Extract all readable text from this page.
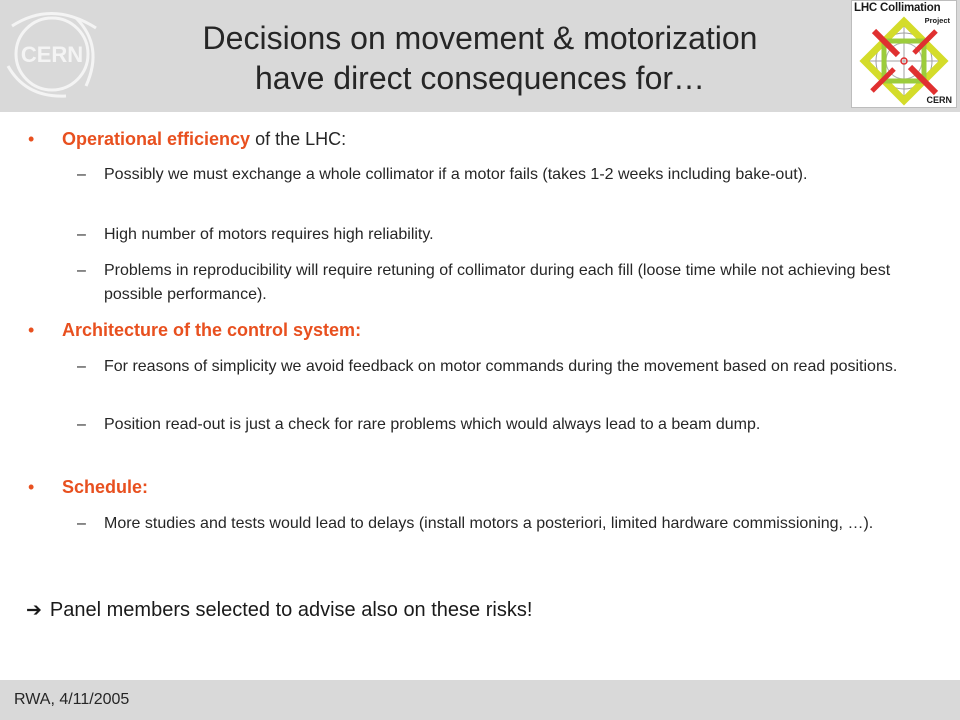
CERN	Decisions on movement & motorization
have direct consequences for…
LHC Collimation
Project
CERN
• Operational efficiency of the LHC:
– Possibly we must exchange a whole collimator if a motor fails (takes 1-2 weeks including bake-out).
– High number of motors requires high reliability.
– Problems in reproducibility will require retuning of collimator during each fill (loose time while not achieving best possible performance).
• Architecture of the control system:
– For reasons of simplicity we avoid feedback on motor commands during the movement based on read positions.
– Position read-out is just a check for rare problems which would always lead to a beam dump.
• Schedule:
– More studies and tests would lead to delays (install motors a posteriori, limited hardware commissioning, …).
➔ Panel members selected to advise also on these risks!
RWA, 4/11/2005
